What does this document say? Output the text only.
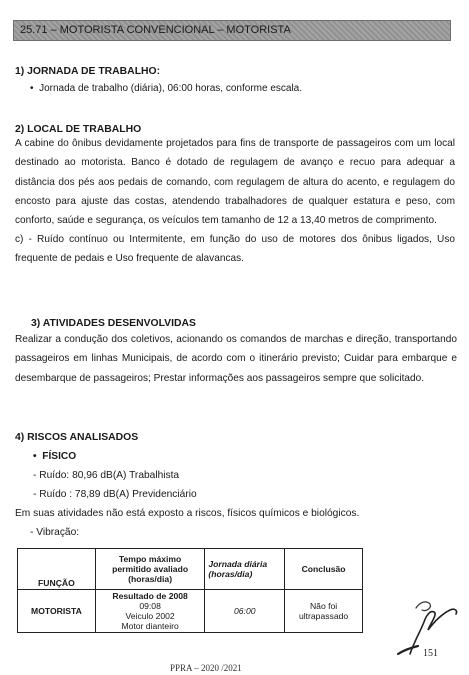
25.71 – MOTORISTA CONVENCIONAL – MOTORISTA
1) JORNADA DE TRABALHO:
•  Jornada de trabalho (diária), 06:00 horas, conforme escala.
2) LOCAL DE TRABALHO
A cabine do ônibus devidamente projetados para fins de transporte de passageiros com um local destinado ao motorista. Banco é dotado de regulagem de avanço e recuo para adequar a distância dos pés aos pedais de comando, com regulagem de altura do acento, e regulagem do encosto para ajuste das costas, atendendo trabalhadores de qualquer estatura e peso, com conforto, saúde e segurança, os veículos tem tamanho de 12 a 13,40 metros de comprimento.
c) - Ruído contínuo ou Intermitente, em função do uso de motores dos ônibus ligados, Uso frequente de pedais e Uso frequente de alavancas.
3) ATIVIDADES DESENVOLVIDAS
Realizar a condução dos coletivos, acionando os comandos de marchas e direção, transportando passageiros em linhas Municipais, de acordo com o itinerário previsto; Cuidar para embarque e desembarque de passageiros; Prestar informações aos passageiros sempre que solicitado.
4) RISCOS ANALISADOS
•  FÍSICO
- Ruído: 80,96 dB(A) Trabalhista
- Ruído : 78,89 dB(A) Previdenciário
Em suas atividades não está exposto a riscos, físicos químicos e biológicos.
- Vibração:
FUNÇÃO	Tempo máximo permitido avaliado (horas/dia)	Jornada diária (horas/dia)	Conclusão
MOTORISTA	Resultado de 2008
09:08
Veiculo 2002
Motor dianteiro	06:00	Não foi ultrapassado
151
PPRA – 2020 /2021
